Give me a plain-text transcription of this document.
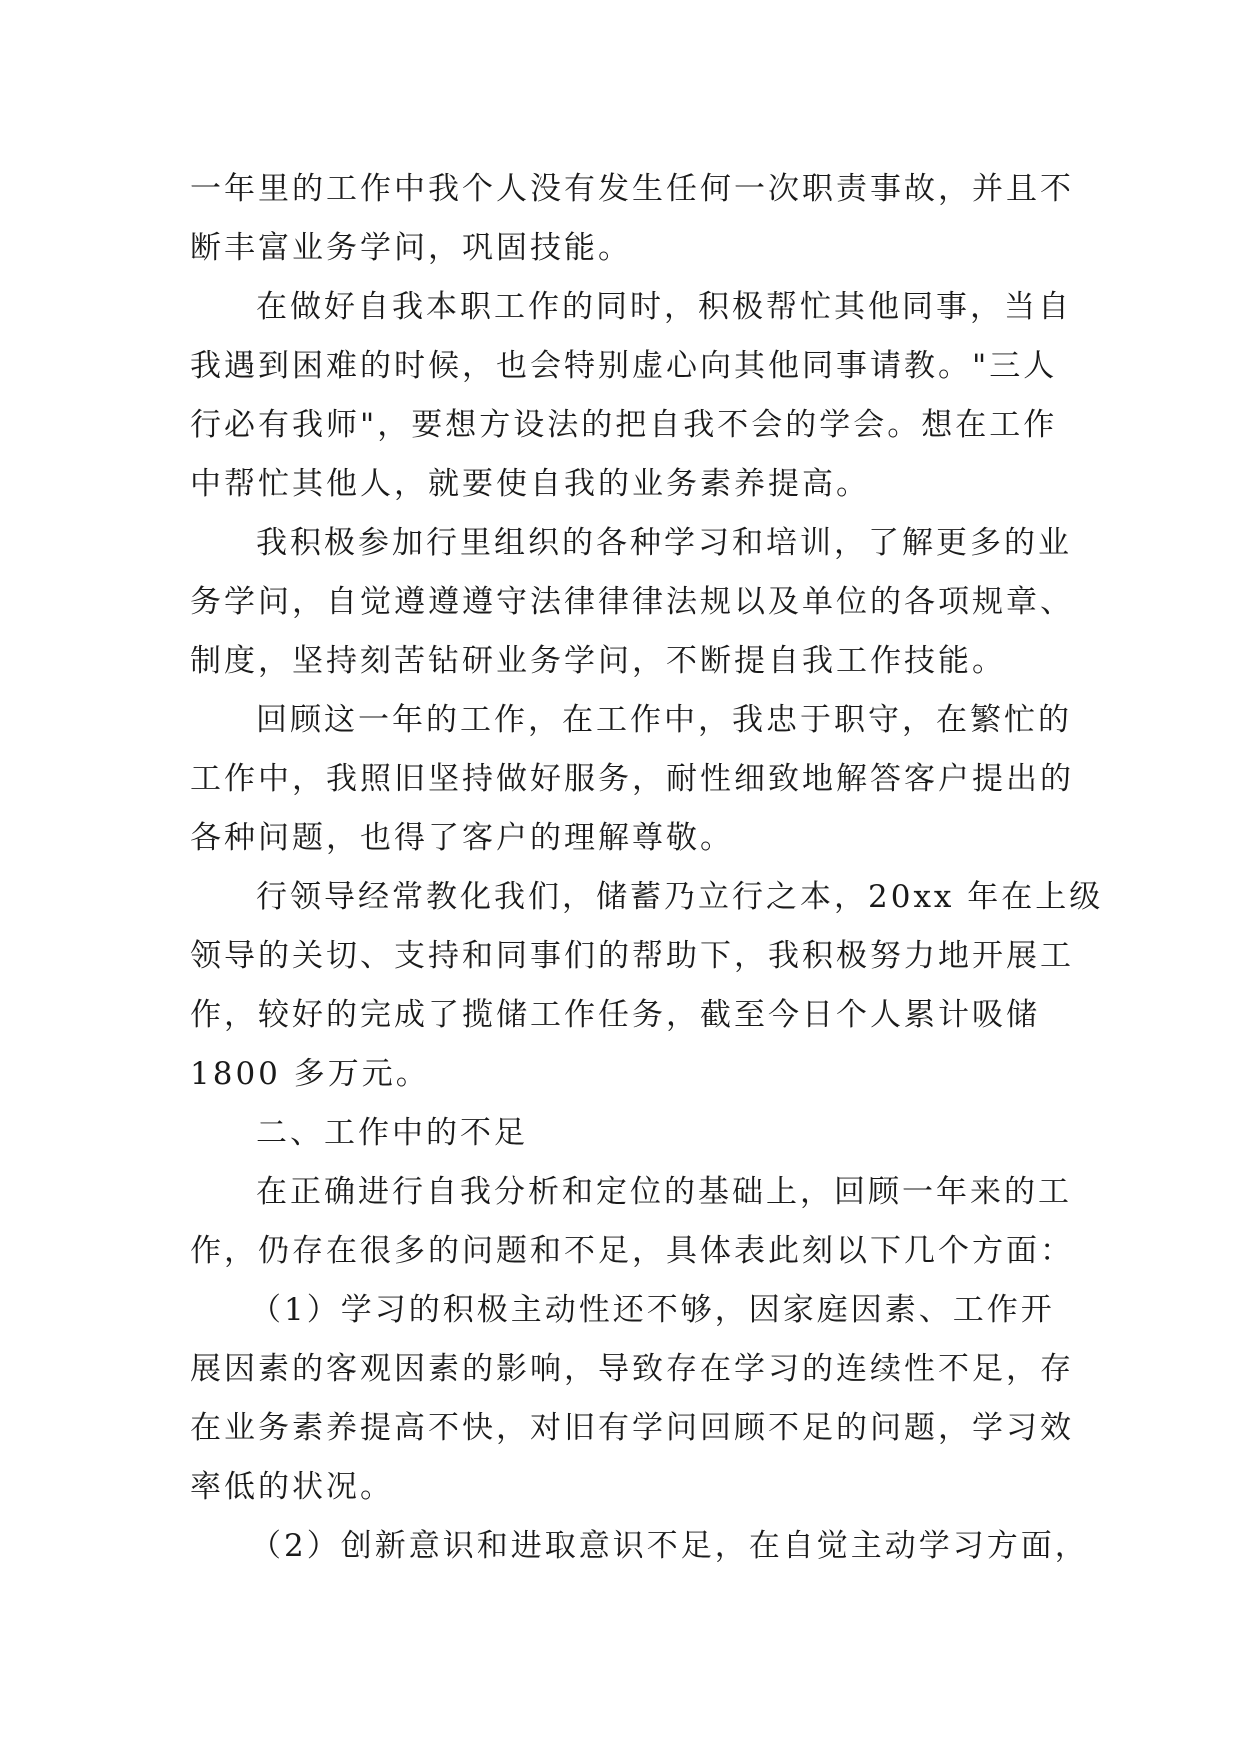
一年里的工作中我个人没有发生任何一次职责事故，并且不
断丰富业务学问，巩固技能。
在做好自我本职工作的同时，积极帮忙其他同事，当自
我遇到困难的时候，也会特别虚心向其他同事请教。"三人
行必有我师"，要想方设法的把自我不会的学会。想在工作
中帮忙其他人，就要使自我的业务素养提高。
我积极参加行里组织的各种学习和培训，了解更多的业
务学问，自觉遵遵遵守法律律律法规以及单位的各项规章、
制度，坚持刻苦钻研业务学问，不断提自我工作技能。
回顾这一年的工作，在工作中，我忠于职守，在繁忙的
工作中，我照旧坚持做好服务，耐性细致地解答客户提出的
各种问题，也得了客户的理解尊敬。
行领导经常教化我们，储蓄乃立行之本，20xx 年在上级
领导的关切、支持和同事们的帮助下，我积极努力地开展工
作，较好的完成了揽储工作任务，截至今日个人累计吸储
1800 多万元。
二、工作中的不足
在正确进行自我分析和定位的基础上，回顾一年来的工
作，仍存在很多的问题和不足，具体表此刻以下几个方面：
（1）学习的积极主动性还不够，因家庭因素、工作开
展因素的客观因素的影响，导致存在学习的连续性不足，存
在业务素养提高不快，对旧有学问回顾不足的问题，学习效
率低的状况。
（2）创新意识和进取意识不足，在自觉主动学习方面，
